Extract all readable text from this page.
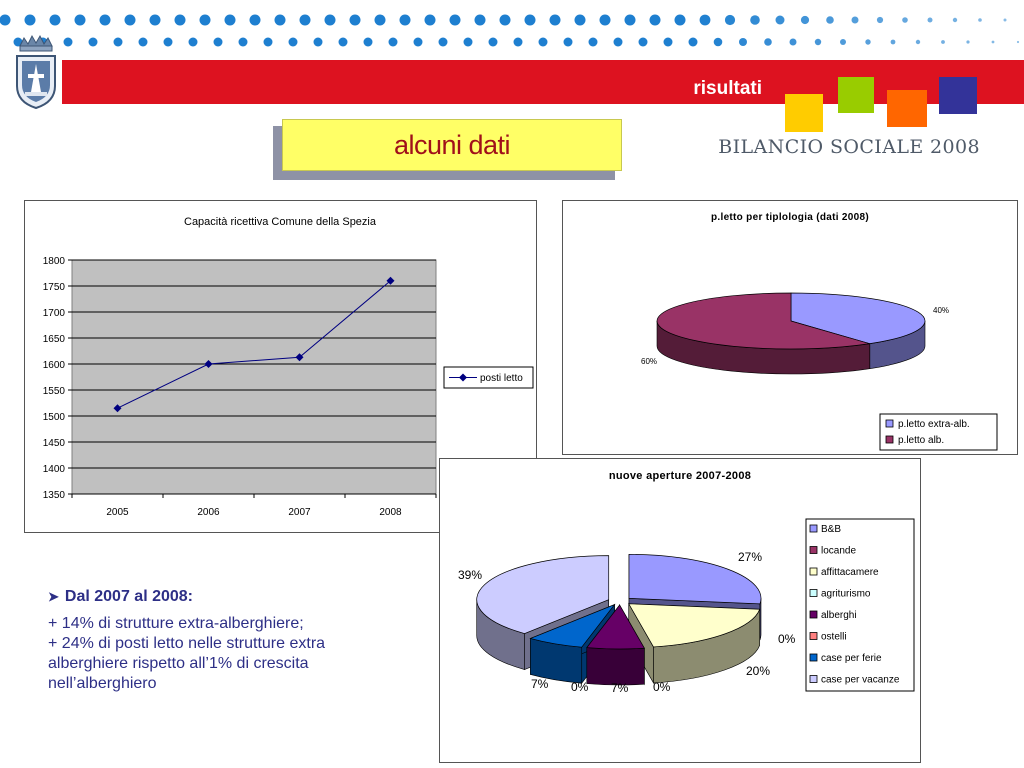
risultati
BILANCIO SOCIALE 2008
alcuni dati
Capacità ricettiva Comune della Spezia
1800
1750
1700
1650
1600
1550
1500
1450
1400
1350
2005	2006	2007	2008
posti letto
p.letto per tiplologia (dati 2008)
40%
60%
p.letto extra-alb.
p.letto alb.
nuove aperture 2007-2008
27%
0%
20%
0%
7%
0%
7%
39%
B&B
locande
affittacamere
agriturismo
alberghi
ostelli
case per ferie
case per vacanze
➤ Dal 2007 al 2008:
+ 14% di strutture extra-alberghiere;
+ 24% di posti letto nelle strutture extra
alberghiere rispetto all’1% di crescita
nell’alberghiero
